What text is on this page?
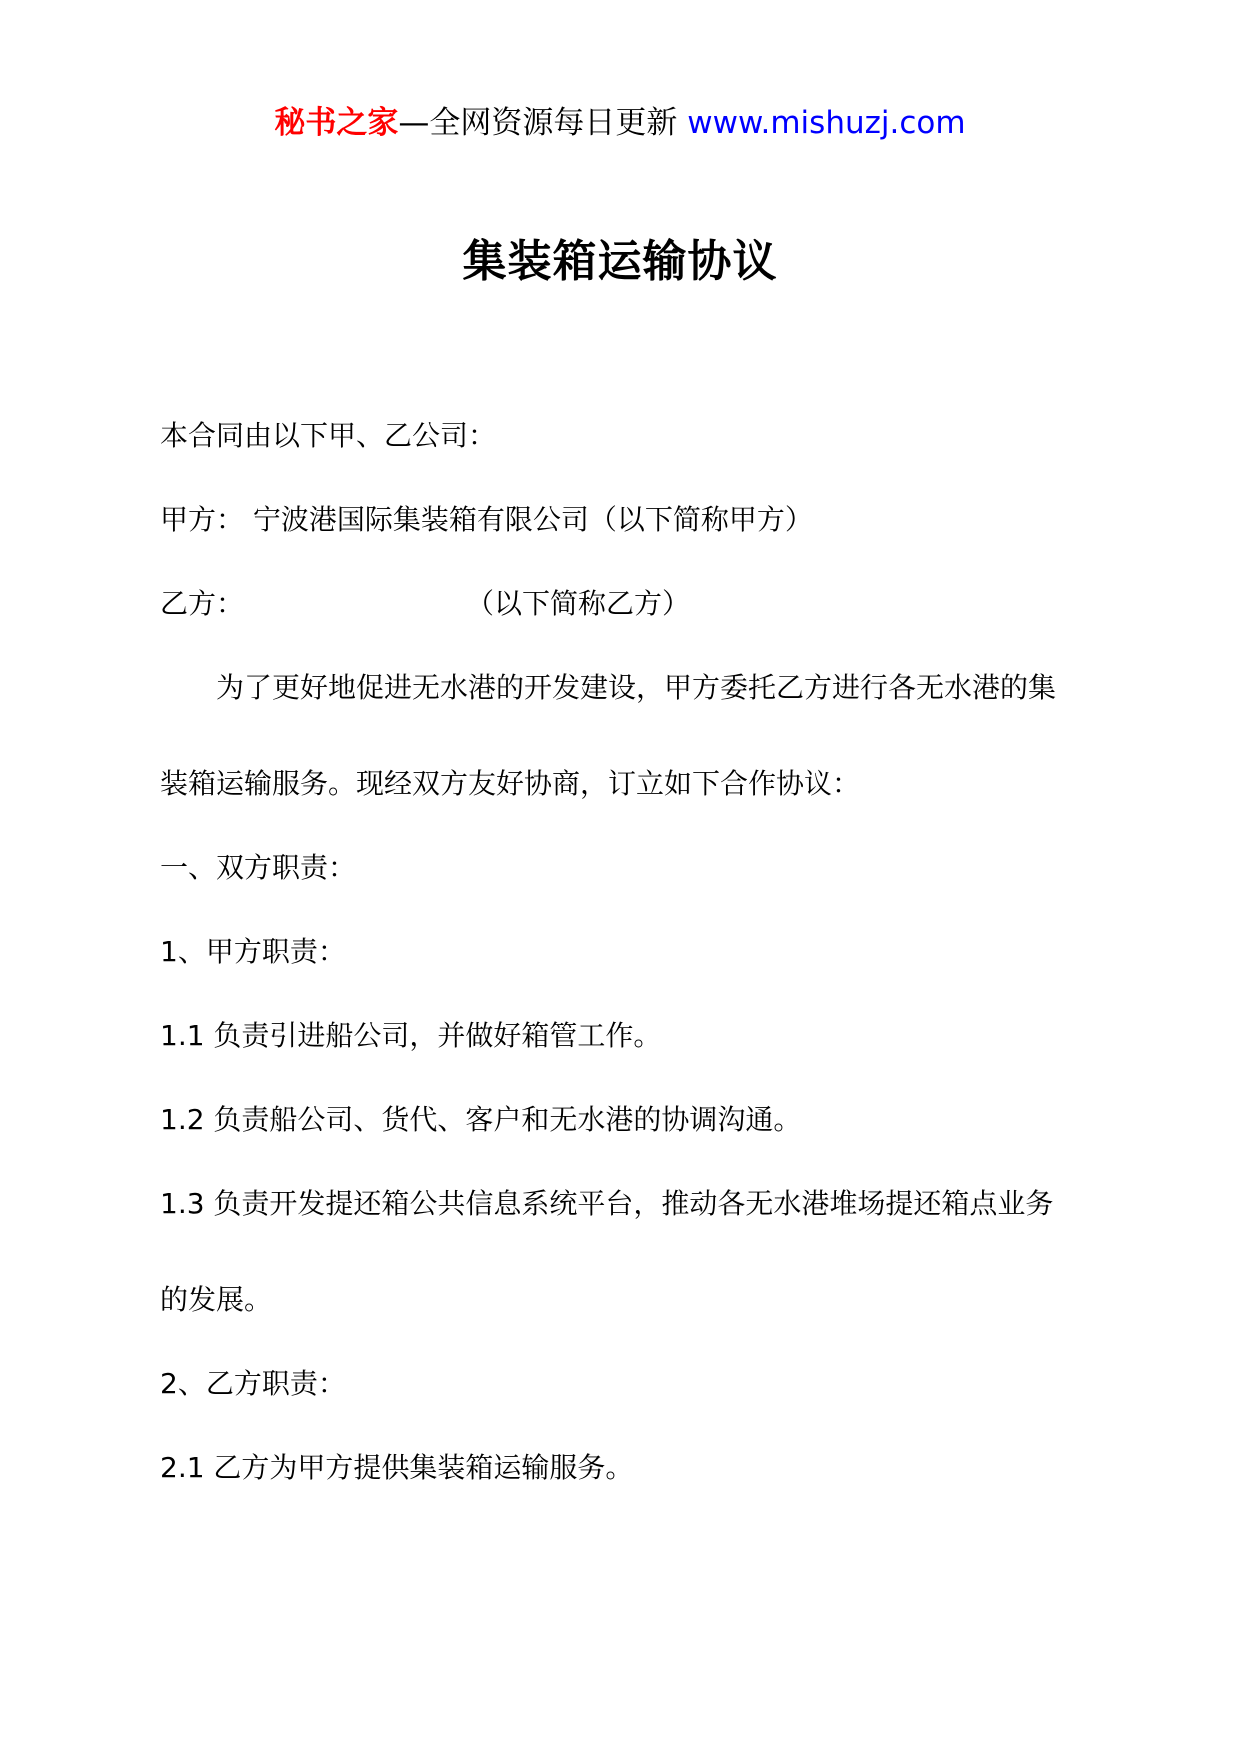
秘书之家—全网资源每日更新 www.mishuzj.com
集装箱运输协议
本合同由以下甲、乙公司：
甲方： 宁波港国际集装箱有限公司（以下简称甲方）
乙方：	（以下简称乙方）
为了更好地促进无水港的开发建设，甲方委托乙方进行各无水港的集
装箱运输服务。现经双方友好协商，订立如下合作协议：
一、双方职责：
1、甲方职责：
1.1 负责引进船公司，并做好箱管工作。
1.2 负责船公司、货代、客户和无水港的协调沟通。
1.3 负责开发提还箱公共信息系统平台，推动各无水港堆场提还箱点业务
的发展。
2、乙方职责：
2.1 乙方为甲方提供集装箱运输服务。
